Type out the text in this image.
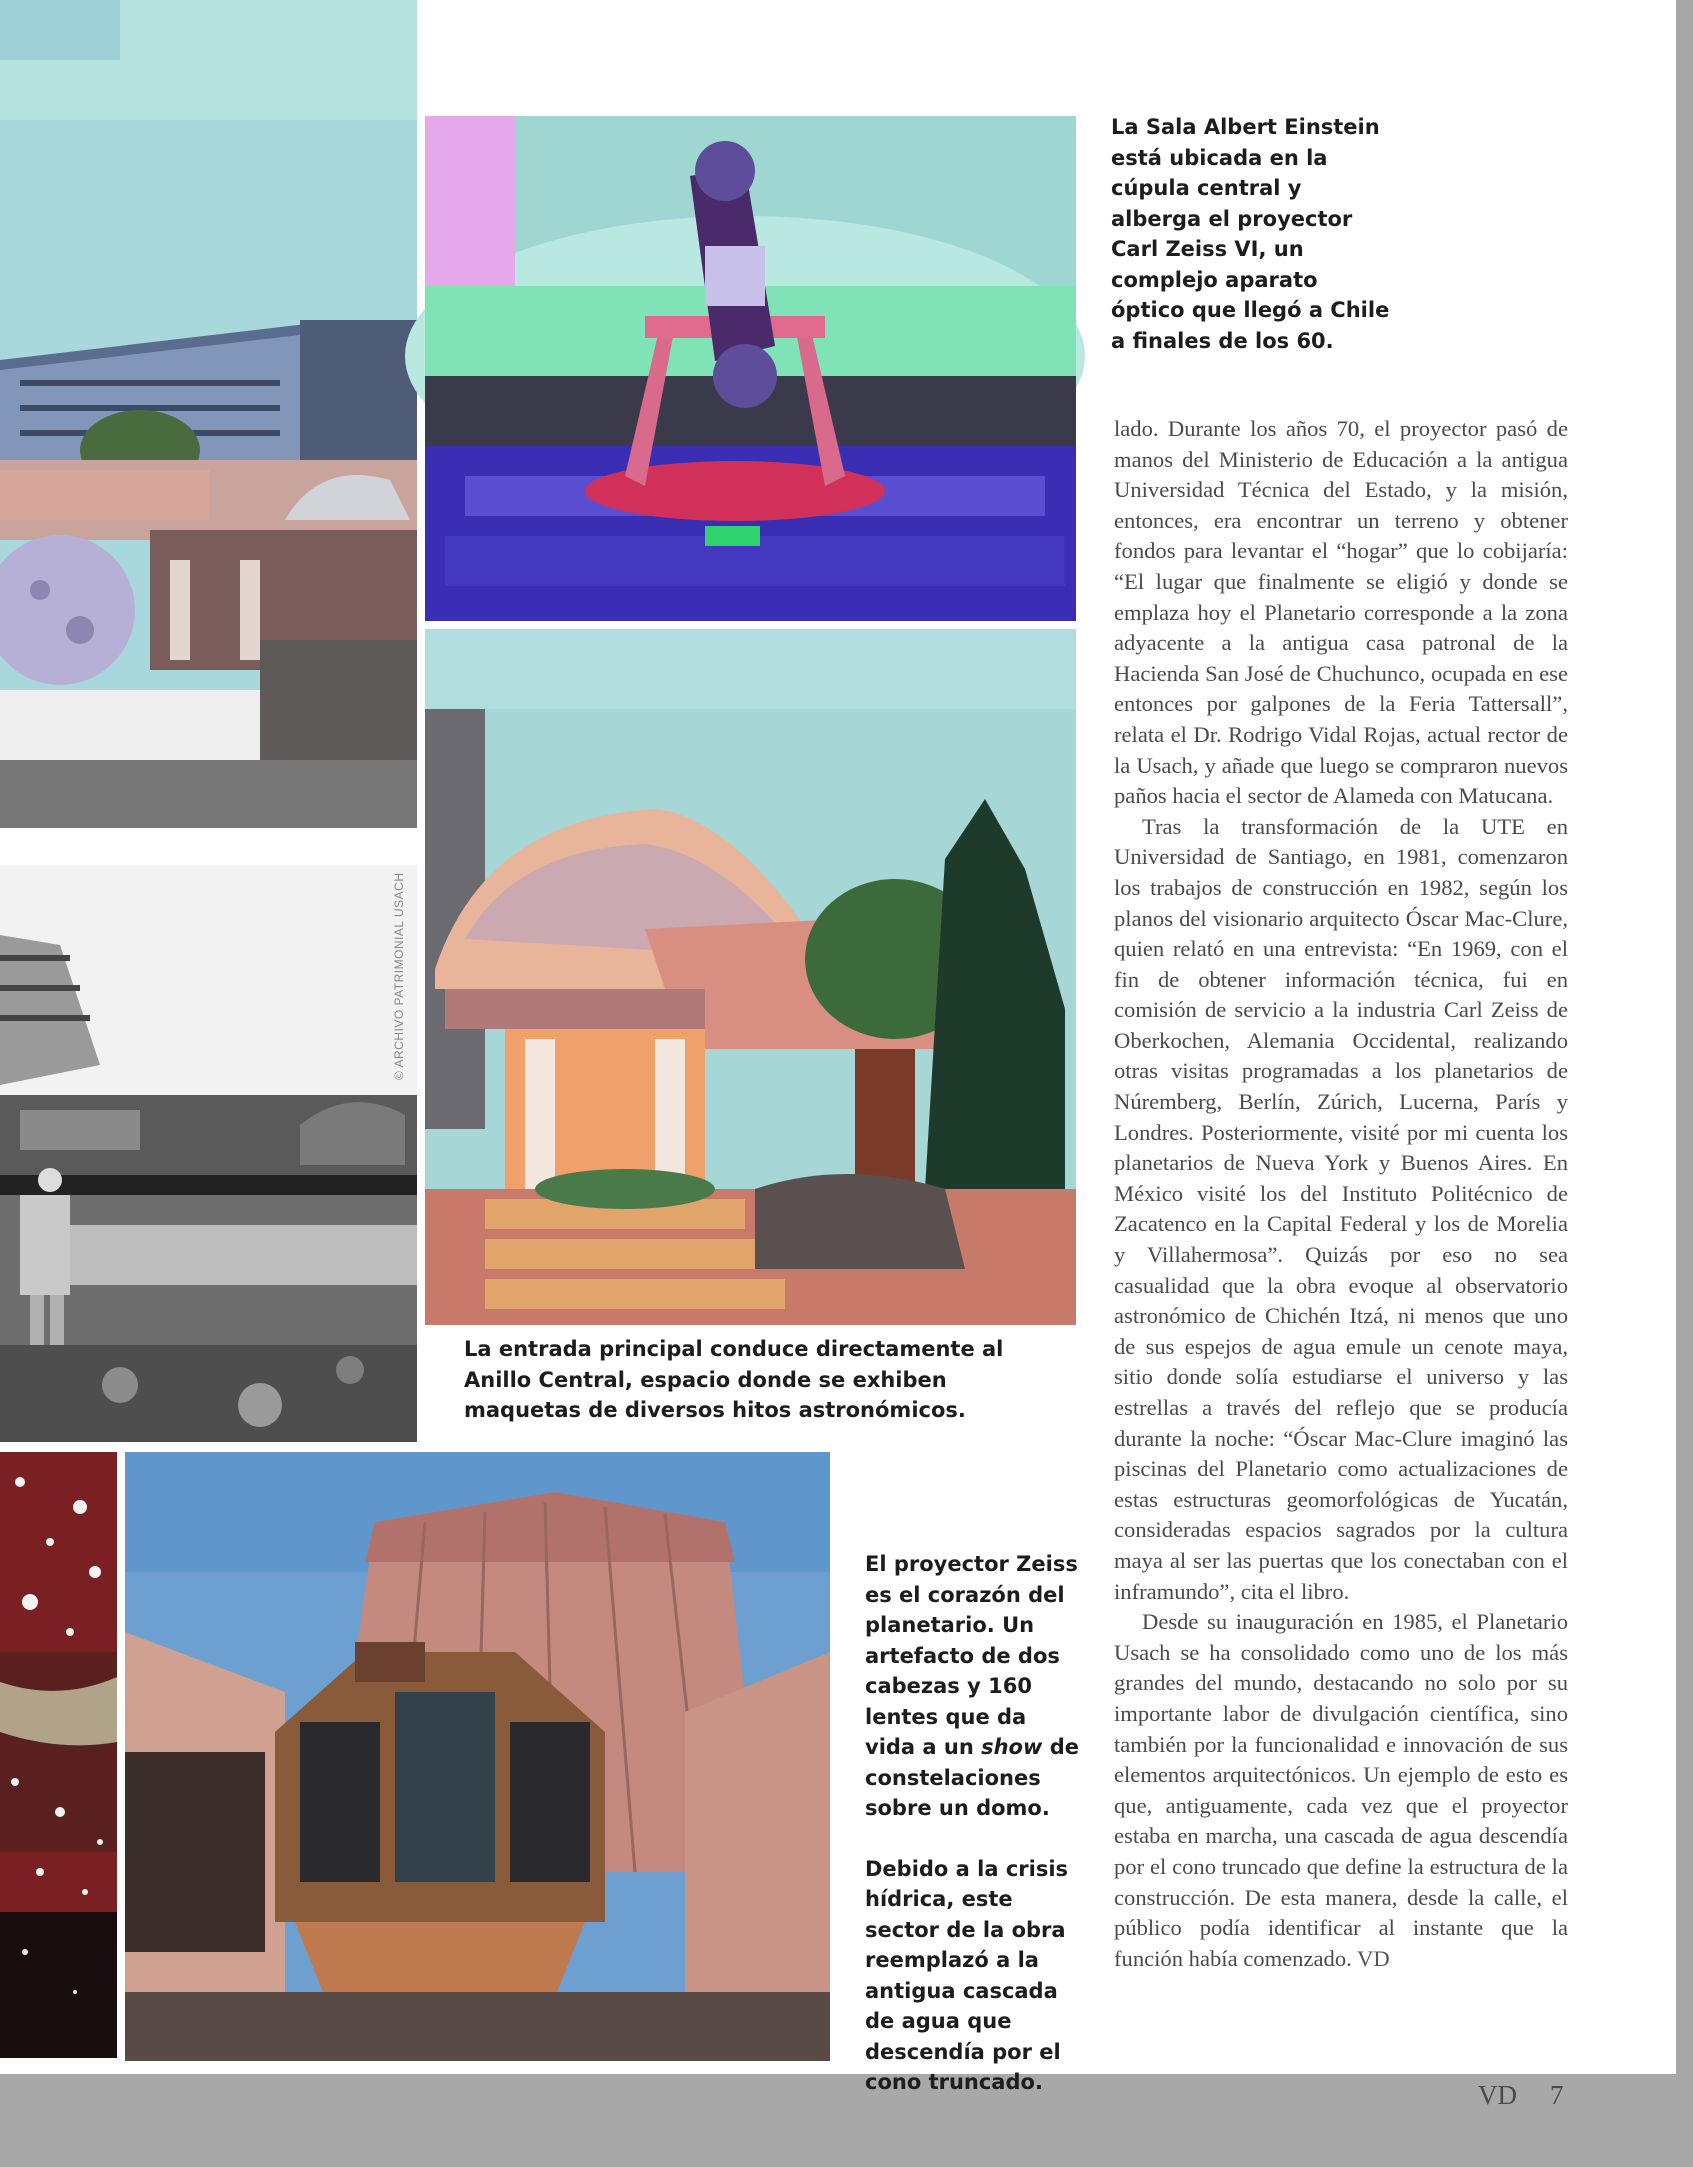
© ARCHIVO PATRIMONIAL USACH

La Sala Albert Einstein está ubicada en la cúpula central y alberga el proyector Carl Zeiss VI, un complejo aparato óptico que llegó a Chile a finales de los 60.

La entrada principal conduce directamente al Anillo Central, espacio donde se exhiben maquetas de diversos hitos astronómicos.

El proyector Zeiss es el corazón del planetario. Un artefacto de dos cabezas y 160 lentes que da vida a un show de constelaciones sobre un domo.

Debido a la crisis hídrica, este sector de la obra reemplazó a la antigua cascada de agua que descendía por el cono truncado.

lado. Durante los años 70, el proyector pasó de manos del Ministerio de Educación a la antigua Universidad Técnica del Estado, y la misión, entonces, era encontrar un terreno y obtener fondos para levantar el “hogar” que lo cobijaría: “El lugar que finalmente se eligió y donde se emplaza hoy el Planetario corresponde a la zona adyacente a la antigua casa patronal de la Hacienda San José de Chuchunco, ocupada en ese entonces por galpones de la Feria Tattersall”, relata el Dr. Rodrigo Vidal Rojas, actual rector de la Usach, y añade que luego se compraron nuevos paños hacia el sector de Alameda con Matucana.

Tras la transformación de la UTE en Universidad de Santiago, en 1981, comenzaron los trabajos de construcción en 1982, según los planos del visionario arquitecto Óscar Mac-Clure, quien relató en una entrevista: “En 1969, con el fin de obtener información técnica, fui en comisión de servicio a la industria Carl Zeiss de Oberkochen, Alemania Occidental, realizando otras visitas programadas a los planetarios de Núremberg, Berlín, Zúrich, Lucerna, París y Londres. Posteriormente, visité por mi cuenta los planetarios de Nueva York y Buenos Aires. En México visité los del Instituto Politécnico de Zacatenco en la Capital Federal y los de Morelia y Villahermosa”. Quizás por eso no sea casualidad que la obra evoque al observatorio astronómico de Chichén Itzá, ni menos que uno de sus espejos de agua emule un cenote maya, sitio donde solía estudiarse el universo y las estrellas a través del reflejo que se producía durante la noche: “Óscar Mac-Clure imaginó las piscinas del Planetario como actualizaciones de estas estructuras geomorfológicas de Yucatán, consideradas espacios sagrados por la cultura maya al ser las puertas que los conectaban con el inframundo”, cita el libro.

Desde su inauguración en 1985, el Planetario Usach se ha consolidado como uno de los más grandes del mundo, destacando no solo por su importante labor de divulgación científica, sino también por la funcionalidad e innovación de sus elementos arquitectónicos. Un ejemplo de esto es que, antiguamente, cada vez que el proyector estaba en marcha, una cascada de agua descendía por el cono truncado que define la estructura de la construcción. De esta manera, desde la calle, el público podía identificar al instante que la función había comenzado. VD

VD 7
